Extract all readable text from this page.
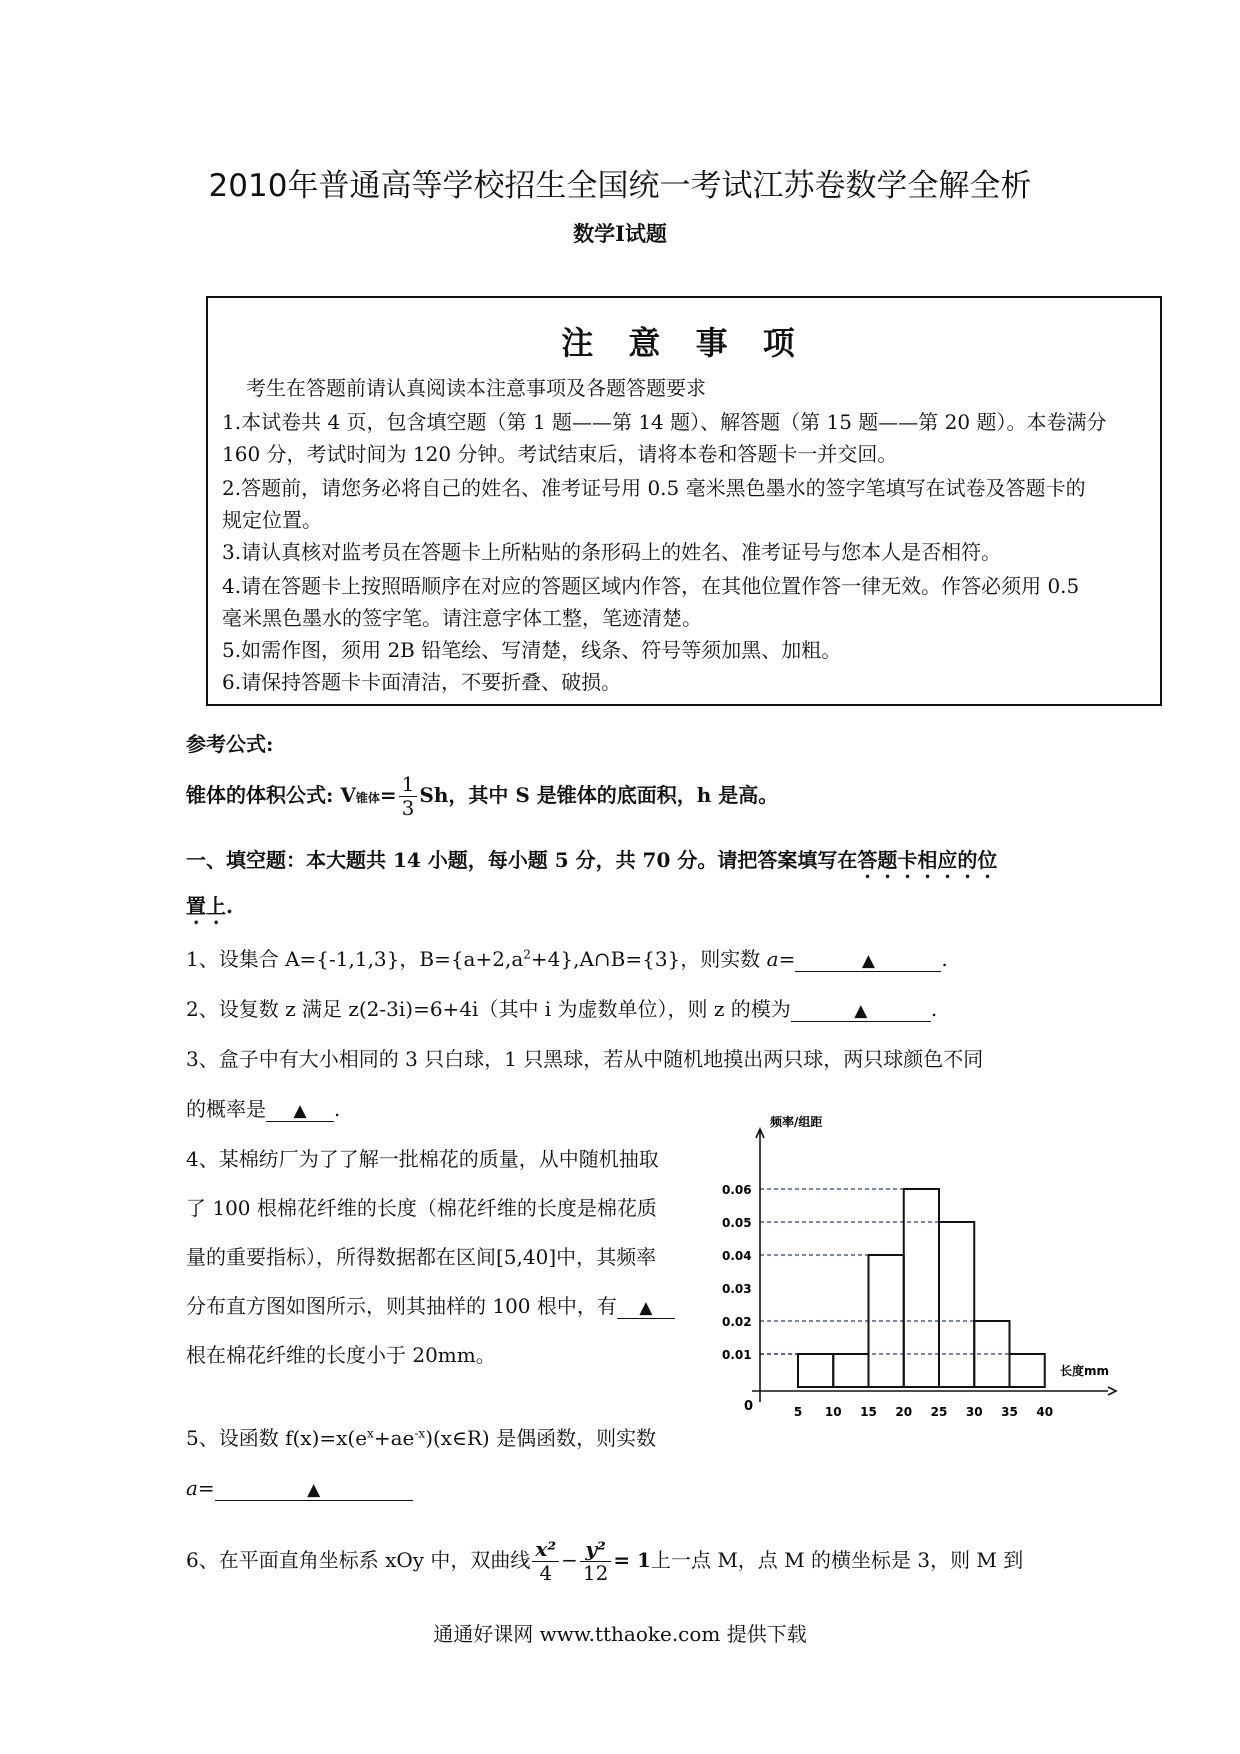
2010年普通高等学校招生全国统一考试江苏卷数学全解全析
数学Ⅰ试题
注 意 事 项
考生在答题前请认真阅读本注意事项及各题答题要求
1.本试卷共 4 页，包含填空题（第 1 题——第 14 题）、解答题（第 15 题——第 20 题）。本卷满分
160 分，考试时间为 120 分钟。考试结束后，请将本卷和答题卡一并交回。
2.答题前，请您务必将自己的姓名、准考证号用 0.5 毫米黑色墨水的签字笔填写在试卷及答题卡的
规定位置。
3.请认真核对监考员在答题卡上所粘贴的条形码上的姓名、准考证号与您本人是否相符。
4.请在答题卡上按照晤顺序在对应的答题区域内作答，在其他位置作答一律无效。作答必须用 0.5
毫米黑色墨水的签字笔。请注意字体工整，笔迹清楚。
5.如需作图，须用 2B 铅笔绘、写清楚，线条、符号等须加黑、加粗。
6.请保持答题卡卡面清洁，不要折叠、破损。
参考公式:
锥体的体积公式: V锥体= $\frac{1}{3}$ Sh，其中 S 是锥体的底面积，h 是高。
一、填空题：本大题共 14 小题，每小题 5 分，共 70 分。请把答案填写在答题卡相应的位
置上.
1、设集合 A={-1,1,3}，$B=\{a+2,a^2+4\},A\cap B=\{3\}$，则实数 a=	▲	.
2、设复数 z 满足 z(2-3i)=6+4i（其中 i 为虚数单位），则 z 的模为	▲	.
3、盒子中有大小相同的 3 只白球，1 只黑球，若从中随机地摸出两只球，两只球颜色不同
的概率是 ▲ .
4、某棉纺厂为了了解一批棉花的质量，从中随机抽取
了 100 根棉花纤维的长度（棉花纤维的长度是棉花质
量的重要指标），所得数据都在区间[5,40]中，其频率
分布直方图如图所示，则其抽样的 100 根中，有 ▲
根在棉花纤维的长度小于 20mm。	0.01
0.02
0.03
0.04
0.05
0.06
5 10 15 20 25 30 35 40
0
频率/组距
长度mm
5、设函数 $f(x)=x(e^x+ae^{-x})(x\in R)$ 是偶函数，则实数
a=	▲
6、在平面直角坐标系 xOy 中，双曲线 $\frac{\text{x²}}{4} - \frac{\text{y²}}{12} = 1$上一点 M，点 M 的横坐标是 3，则 M 到
通通好课网 www.tthaoke.com 提供下载
